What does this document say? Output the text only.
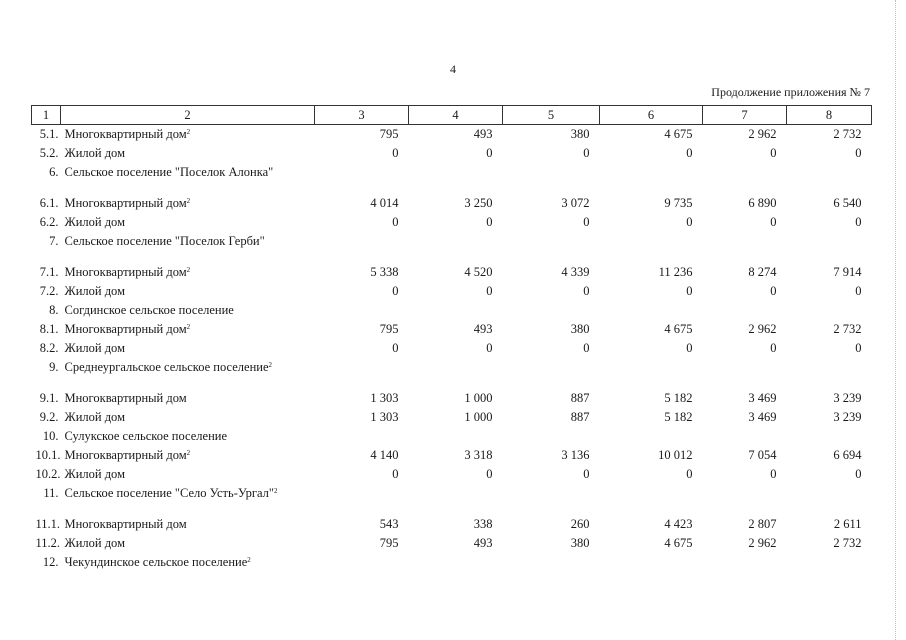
4
Продолжение приложения № 7
1	2	3	4	5	6	7	8
5.1.	Многоквартирный дом$^2$	795	493	380	4 675	2 962	2 732
5.2.	Жилой дом	0	0	0	0	0	0
6.	Сельское поселение "Поселок Алонка"						
6.1.	Многоквартирный дом$^2$	4 014	3 250	3 072	9 735	6 890	6 540
6.2.	Жилой дом	0	0	0	0	0	0
7.	Сельское поселение "Поселок Герби"						
7.1.	Многоквартирный дом$^2$	5 338	4 520	4 339	11 236	8 274	7 914
7.2.	Жилой дом	0	0	0	0	0	0
8.	Согдинское сельское поселение						
8.1.	Многоквартирный дом$^2$	795	493	380	4 675	2 962	2 732
8.2.	Жилой дом	0	0	0	0	0	0
9.	Среднеургальское сельское поселение$^2$						
9.1.	Многоквартирный дом	1 303	1 000	887	5 182	3 469	3 239
9.2.	Жилой дом	1 303	1 000	887	5 182	3 469	3 239
10.	Сулукское сельское поселение						
10.1.	Многоквартирный дом$^2$	4 140	3 318	3 136	10 012	7 054	6 694
10.2.	Жилой дом	0	0	0	0	0	0
11.	Сельское поселение "Село Усть-Ургал"$^2$						
11.1.	Многоквартирный дом	543	338	260	4 423	2 807	2 611
11.2.	Жилой дом	795	493	380	4 675	2 962	2 732
12.	Чекундинское сельское поселение$^2$						
